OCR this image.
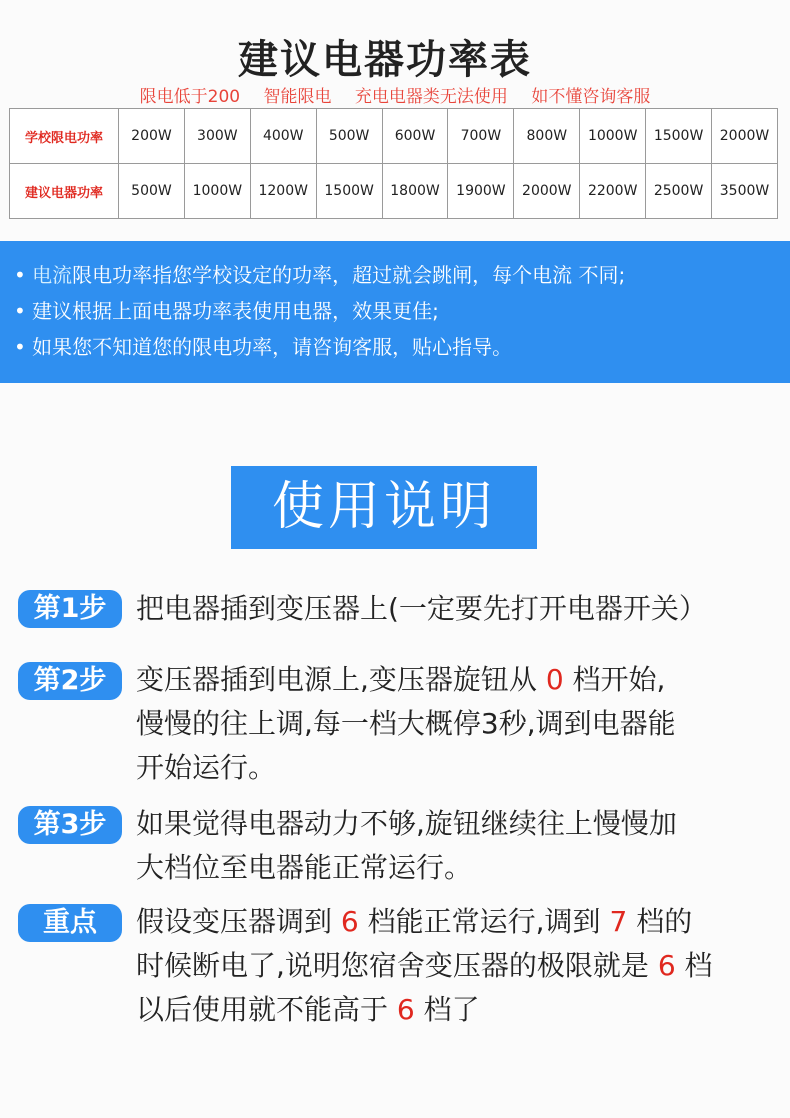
建议电器功率表
限电低于200 智能限电 充电电器类无法使用 如不懂咨询客服
学校限电功率	200W	300W	400W	500W	600W	700W	800W	1000W	1500W	2000W
建议电器功率	500W	1000W	1200W	1500W	1800W	1900W	2000W	2200W	2500W	3500W
• 电流限电功率指您学校设定的功率，超过就会跳闸，每个电流 不同;
• 建议根据上面电器功率表使用电器，效果更佳;
• 如果您不知道您的限电功率，请咨询客服，贴心指导。
使用说明
第1步	把电器插到变压器上(一定要先打开电器开关）
第2步	变压器插到电源上,变压器旋钮从 0 档开始,
慢慢的往上调,每一档大概停3秒,调到电器能
开始运行。
第3步	如果觉得电器动力不够,旋钮继续往上慢慢加
大档位至电器能正常运行。
重点	假设变压器调到 6 档能正常运行,调到 7 档的
时候断电了,说明您宿舍变压器的极限就是 6 档
以后使用就不能高于 6 档了
